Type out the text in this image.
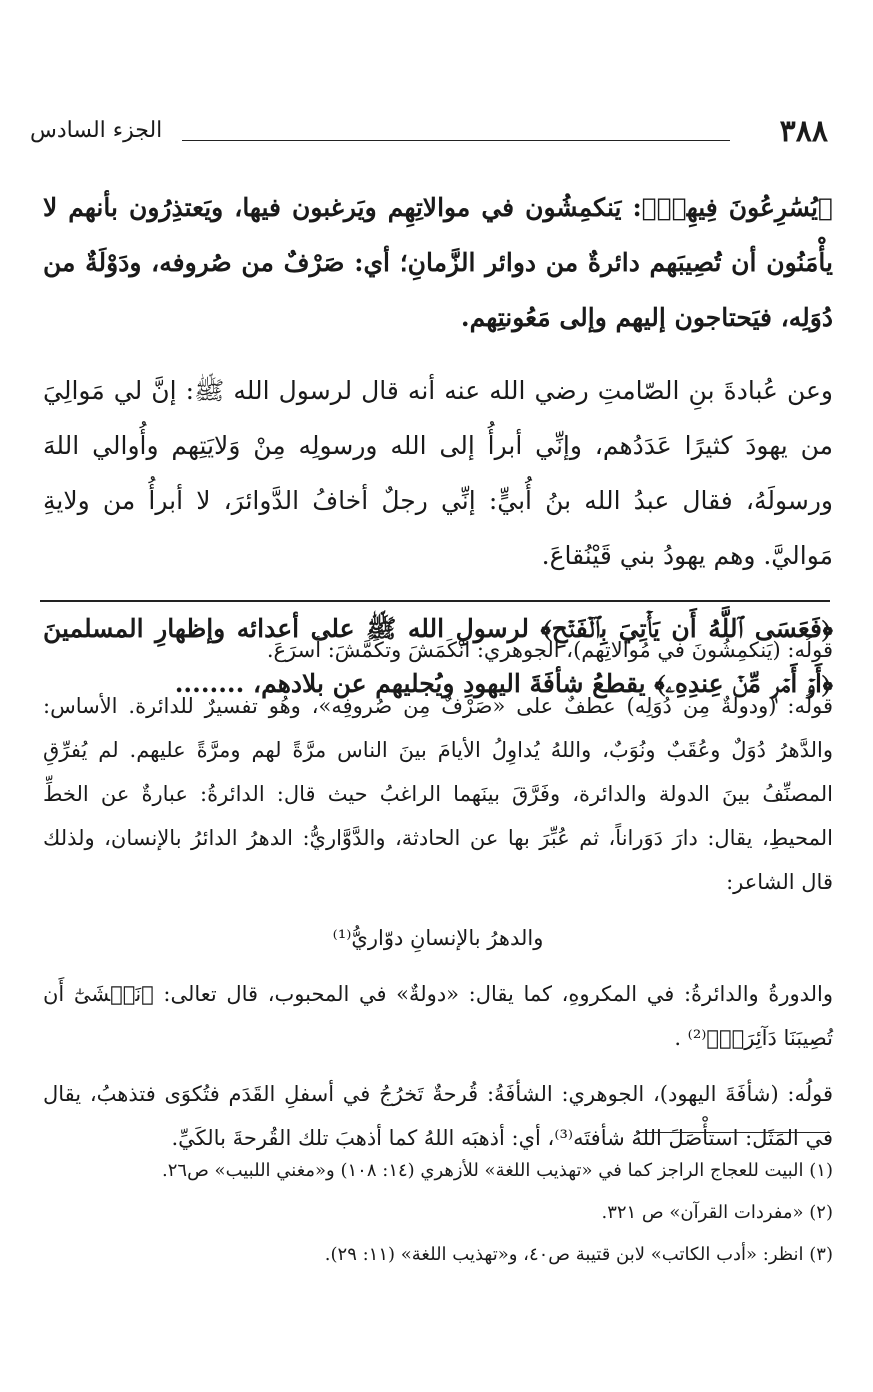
٣٨٨
الجزء السادس

﴿يُسَٰرِعُونَ فِيهِمۡ﴾: يَنكمِشُون في موالاتِهِم ويَرغبون فيها، ويَعتذِرُون بأنهم لا يأْمَنُون أن تُصِيبَهم دائرةٌ من دوائر الزَّمانِ؛ أي: صَرْفٌ من صُروفه، ودَوْلَةٌ من دُوَلِه، فيَحتاجون إليهم وإلى مَعُونتِهم.

وعن عُبادةَ بنِ الصّامتِ رضي الله عنه أنه قال لرسول الله ﷺ: إنَّ لي مَوالِيَ من يهودَ كثيرًا عَدَدُهم، وإنِّي أبرأُ إلى الله ورسولِه مِنْ وَلايَتِهم وأُوالي اللهَ ورسولَهُ، فقال عبدُ الله بنُ أُبيٍّ: إنِّي رجلٌ أخافُ الدَّوائرَ، لا أبرأُ من ولايةِ مَواليَّ. وهم يهودُ بني قَيْنُقاعَ.

﴿فَعَسَى ٱللَّهُ أَن يَأۡتِيَ بِٱلۡفَتۡحِ﴾ لرسولِ الله ﷺ على أعدائه وإظهارِ المسلمينَ ﴿أَوۡ أَمۡرٖ مِّنۡ عِندِهِۦ﴾ يقطعُ شأفَةَ اليهودِ ويُجليهم عن بلادهم، ........

قولُه: (يَنكمِشُونَ في مُوالاتِهم)، الجوهري: انْكَمَشَ وتكَمَّشَ: أسرَعَ.

قولُه: (ودولةٌ مِن دُوَلِه) عطفٌ على «صَرْفٌ مِن صُروفِه»، وهُو تفسيرٌ للدائرة. الأساس: والدَّهرُ دُوَلٌ وعُقَبٌ ونُوَبٌ، واللهُ يُداوِلُ الأيامَ بينَ الناس مرَّةً لهم ومرَّةً عليهم. لم يُفرِّقِ المصنِّفُ بينَ الدولة والدائرة، وفَرَّقَ بينَهما الراغبُ حيث قال: الدائرةُ: عبارةٌ عن الخطِّ المحيطِ، يقال: دارَ دَوَراناً، ثم عُبِّرَ بها عن الحادثة، والدَّوَّاريُّ: الدهرُ الدائرُ بالإنسان، ولذلك قال الشاعر:

والدهرُ بالإنسانِ دوّاريُّ⁽¹⁾

والدورةُ والدائرةُ: في المكروهِ، كما يقال: «دولةٌ» في المحبوب، قال تعالى: ﴿نَخۡشَىٰٓ أَن تُصِيبَنَا دَآئِرَةٞ﴾⁽²⁾ .

قولُه: (شأفَةَ اليهود)، الجوهري: الشأفَةُ: قُرحةٌ تَخرُجُ في أسفلِ القَدَم فتُكوَى فتذهبُ، يقال في المَثَل: استأْصَلَ اللهُ شأفتَه⁽³⁾، أي: أذهبَه اللهُ كما أذهبَ تلك القُرحةَ بالكَيِّ.

(١) البيت للعجاج الراجز كما في «تهذيب اللغة» للأزهري (١٤: ١٠٨) و«مغني اللبيب» ص٢٦.

(٢) «مفردات القرآن» ص ٣٢١.

(٣) انظر: «أدب الكاتب» لابن قتيبة ص٤٠، و«تهذيب اللغة» (١١: ٢٩).
